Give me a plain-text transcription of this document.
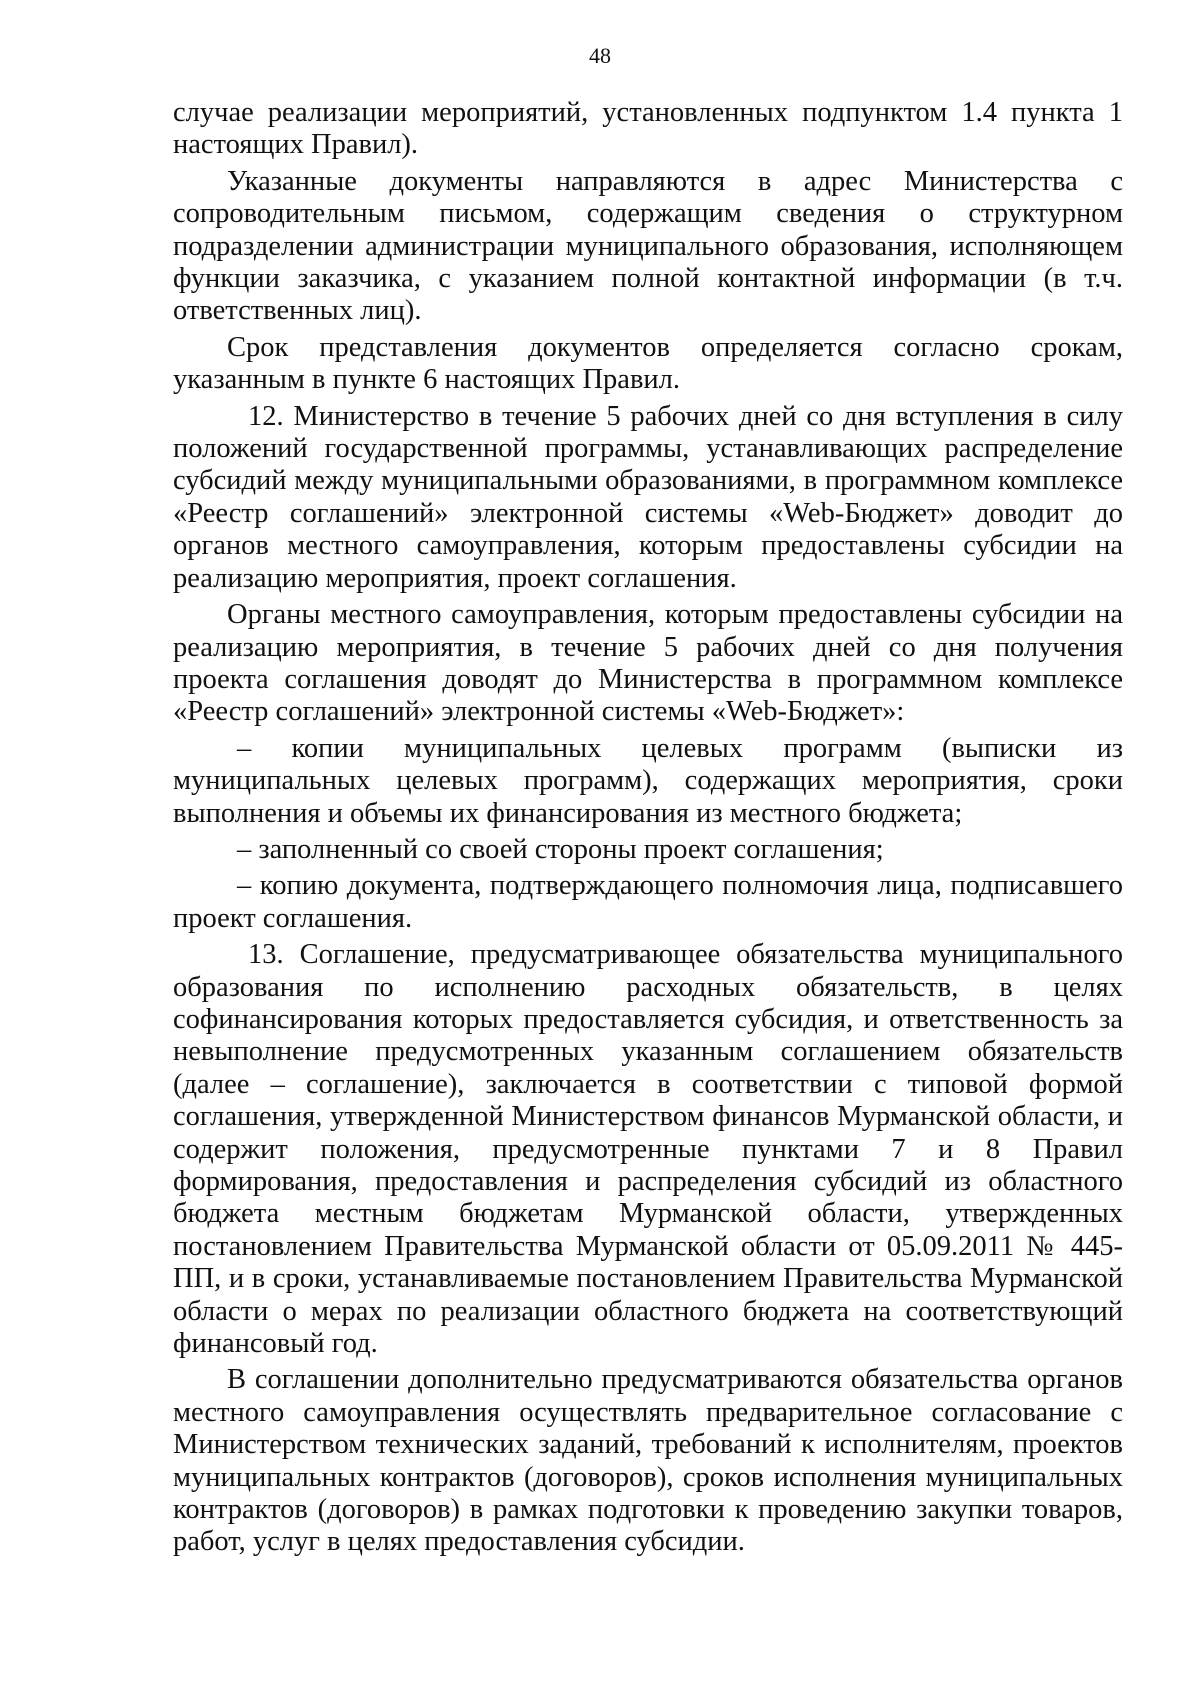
48

случае реализации мероприятий, установленных подпунктом 1.4 пункта 1 настоящих Правил).

Указанные документы направляются в адрес Министерства с сопроводительным письмом, содержащим сведения о структурном подразделении администрации муниципального образования, исполняющем функции заказчика, с указанием полной контактной информации (в т.ч. ответственных лиц).

Срок представления документов определяется согласно срокам, указанным в пункте 6 настоящих Правил.

12. Министерство в течение 5 рабочих дней со дня вступления в силу положений государственной программы, устанавливающих распределение субсидий между муниципальными образованиями, в программном комплексе «Реестр соглашений» электронной системы «Web-Бюджет» доводит до органов местного самоуправления, которым предоставлены субсидии на реализацию мероприятия, проект соглашения.

Органы местного самоуправления, которым предоставлены субсидии на реализацию мероприятия, в течение 5 рабочих дней со дня получения проекта соглашения доводят до Министерства в программном комплексе «Реестр соглашений» электронной системы «Web-Бюджет»:

– копии муниципальных целевых программ (выписки из муниципальных целевых программ), содержащих мероприятия, сроки выполнения и объемы их финансирования из местного бюджета;

– заполненный со своей стороны проект соглашения;

– копию документа, подтверждающего полномочия лица, подписавшего проект соглашения.

13. Соглашение, предусматривающее обязательства муниципального образования по исполнению расходных обязательств, в целях софинансирования которых предоставляется субсидия, и ответственность за невыполнение предусмотренных указанным соглашением обязательств (далее – соглашение), заключается в соответствии с типовой формой соглашения, утвержденной Министерством финансов Мурманской области, и содержит положения, предусмотренные пунктами 7 и 8 Правил формирования, предоставления и распределения субсидий из областного бюджета местным бюджетам Мурманской области, утвержденных постановлением Правительства Мурманской области от 05.09.2011 № 445-ПП, и в сроки, устанавливаемые постановлением Правительства Мурманской области о мерах по реализации областного бюджета на соответствующий финансовый год.

В соглашении дополнительно предусматриваются обязательства органов местного самоуправления осуществлять предварительное согласование с Министерством технических заданий, требований к исполнителям, проектов муниципальных контрактов (договоров), сроков исполнения муниципальных контрактов (договоров) в рамках подготовки к проведению закупки товаров, работ, услуг в целях предоставления субсидии.
